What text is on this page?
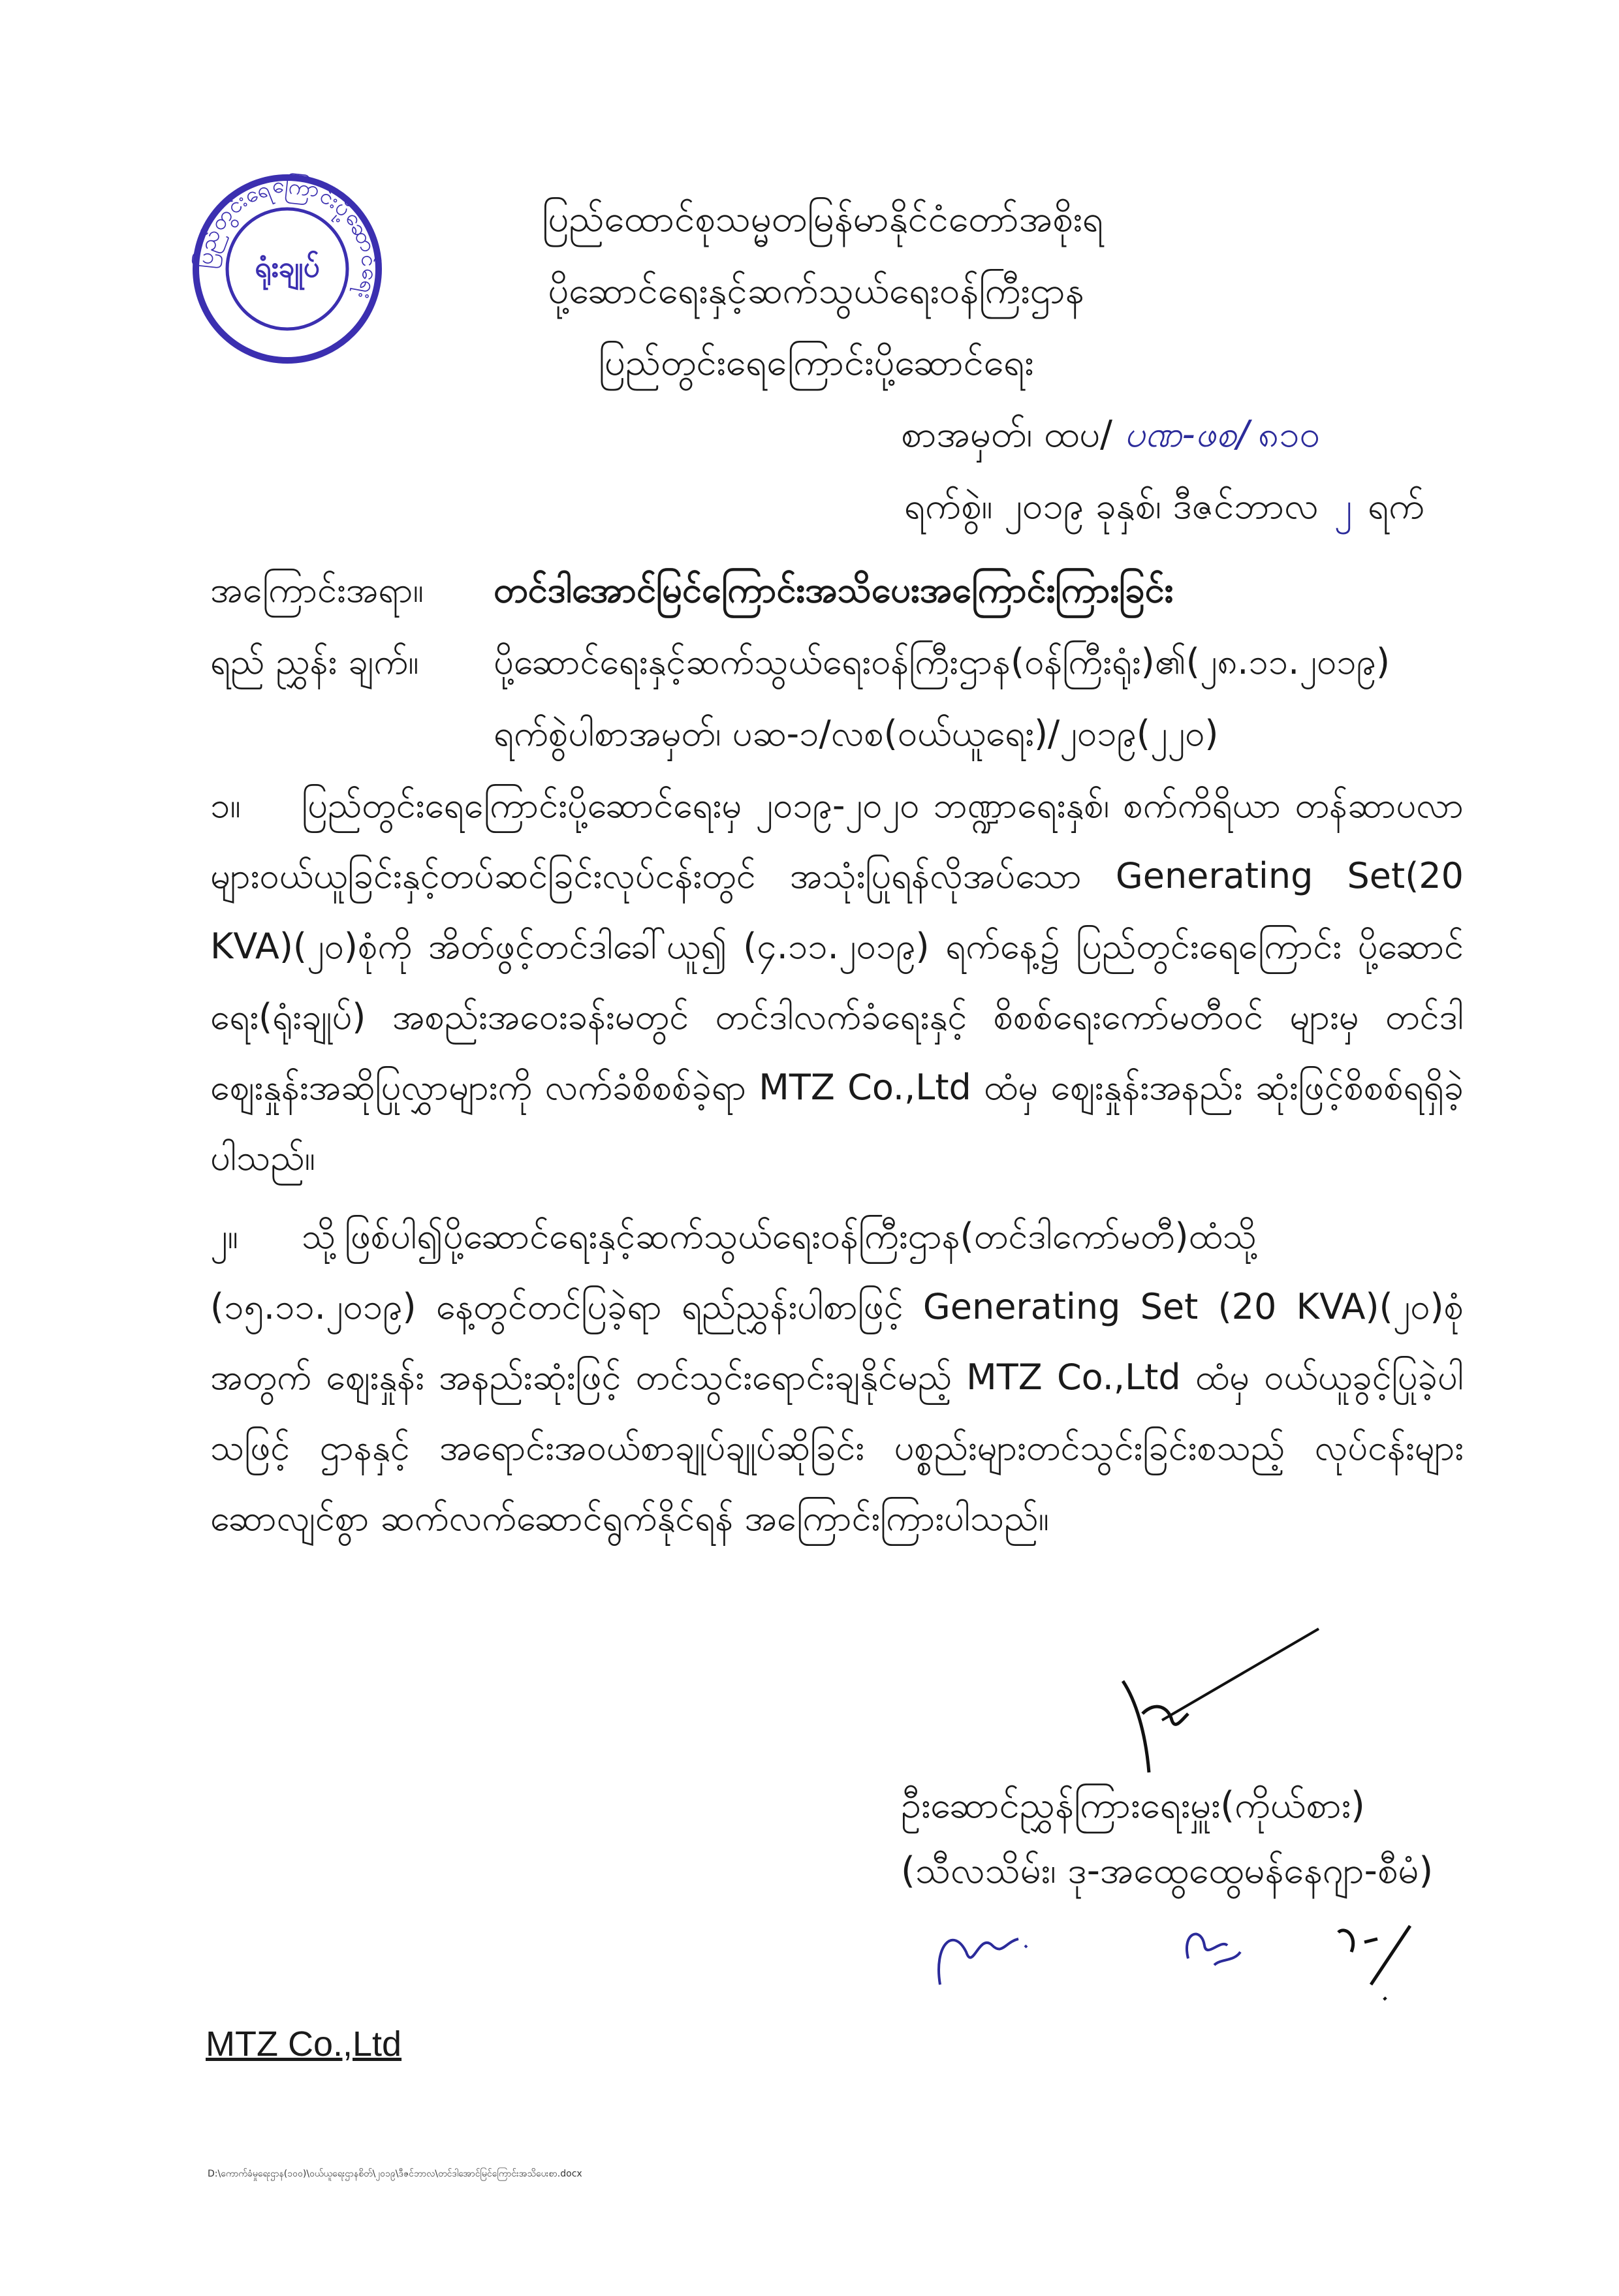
ပြည်တွင်းရေကြောင်းပို့ဆောင်ရေး
ရုံးချုပ်
ပြည်ထောင်စုသမ္မတမြန်မာနိုင်ငံတော်အစိုးရ
ပို့ဆောင်ရေးနှင့်ဆက်သွယ်ရေးဝန်ကြီးဌာန
ပြည်တွင်းရေကြောင်းပို့ဆောင်ရေး
စာအမှတ်၊ ထပ/ ပဏ-ဖစ/ ၈၁၀
ရက်စွဲ။ ၂၀၁၉ ခုနှစ်၊ ဒီဇင်ဘာလ ၂ ရက်
အကြောင်းအရာ။ တင်ဒါအောင်မြင်ကြောင်းအသိပေးအကြောင်းကြားခြင်း
ရည် ညွှန်း ချက်။ ပို့ဆောင်ရေးနှင့်ဆက်သွယ်ရေးဝန်ကြီးဌာန(ဝန်ကြီးရုံး)၏(၂၈.၁၁.၂၀၁၉)
ရက်စွဲပါစာအမှတ်၊ ပဆ-၁/လစ(ဝယ်ယူရေး)/၂၀၁၉(၂၂၀)
၁။ ပြည်တွင်းရေကြောင်းပို့ဆောင်ရေးမှ ၂၀၁၉-၂၀၂၀ ဘဏ္ဍာရေးနှစ်၊ စက်ကိရိယာ တန်ဆာပလာများဝယ်ယူခြင်းနှင့်တပ်ဆင်ခြင်းလုပ်ငန်းတွင် အသုံးပြုရန်လိုအပ်သော Generating Set(20 KVA)(၂၀)စုံကို အိတ်ဖွင့်တင်ဒါခေါ်ယူ၍ (၄.၁၁.၂၀၁၉) ရက်နေ့၌ ပြည်တွင်းရေကြောင်း ပို့ဆောင်ရေး(ရုံးချုပ်) အစည်းအဝေးခန်းမတွင် တင်ဒါလက်ခံရေးနှင့် စိစစ်ရေးကော်မတီဝင် များမှ တင်ဒါဈေးနှုန်းအဆိုပြုလွှာများကို လက်ခံစိစစ်ခဲ့ရာ MTZ Co.,Ltd ထံမှ ဈေးနှုန်းအနည်း ဆုံးဖြင့်စိစစ်ရရှိခဲ့ပါသည်။
၂။ သို့ဖြစ်ပါ၍ပို့ဆောင်ရေးနှင့်ဆက်သွယ်ရေးဝန်ကြီးဌာန(တင်ဒါကော်မတီ)ထံသို့ (၁၅.၁၁.၂၀၁၉) နေ့တွင်တင်ပြခဲ့ရာ ရည်ညွှန်းပါစာဖြင့် Generating Set (20 KVA)(၂၀)စုံအတွက် ဈေးနှုန်း အနည်းဆုံးဖြင့် တင်သွင်းရောင်းချနိုင်မည့် MTZ Co.,Ltd ထံမှ ဝယ်ယူခွင့်ပြုခဲ့ပါသဖြင့် ဌာနနှင့် အရောင်းအဝယ်စာချုပ်ချုပ်ဆိုခြင်း ပစ္စည်းများတင်သွင်းခြင်းစသည့် လုပ်ငန်းများဆောလျင်စွာ ဆက်လက်ဆောင်ရွက်နိုင်ရန် အကြောင်းကြားပါသည်။
ဦးဆောင်ညွှန်ကြားရေးမှူး(ကိုယ်စား)
(သီလသိမ်း၊ ဒု-အထွေထွေမန်နေဂျာ-စီမံ)
MTZ Co.,Ltd
D:\ကောက်ခံမှုရေးဌာန(၁၀၀)\ဝယ်ယူရေးဌာနစိတ်\၂၀၁၉\ဒီဇင်ဘာလ\တင်ဒါအောင်မြင်ကြောင်းအသိပေးစာ.docx
